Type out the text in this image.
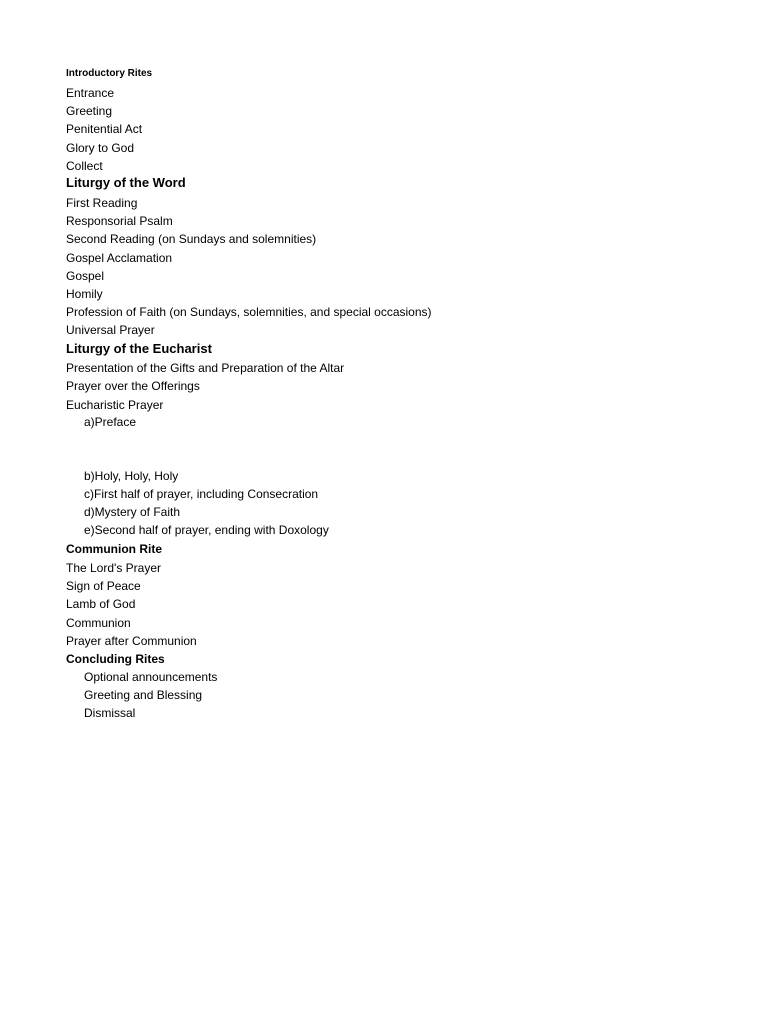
Introductory Rites
Entrance
Greeting
Penitential Act
Glory to God
Collect
Liturgy of the Word
First Reading
Responsorial Psalm
Second Reading (on Sundays and solemnities)
Gospel Acclamation
Gospel
Homily
Profession of Faith (on Sundays, solemnities, and special occasions)
Universal Prayer
Liturgy of the Eucharist
Presentation of the Gifts and Preparation of the Altar
Prayer over the Offerings
Eucharistic Prayer
a)Preface
b)Holy, Holy, Holy
c)First half of prayer, including Consecration
d)Mystery of Faith
e)Second half of prayer, ending with Doxology
Communion Rite
The Lord's Prayer
Sign of Peace
Lamb of God
Communion
Prayer after Communion
Concluding Rites
Optional announcements
Greeting and Blessing
Dismissal
